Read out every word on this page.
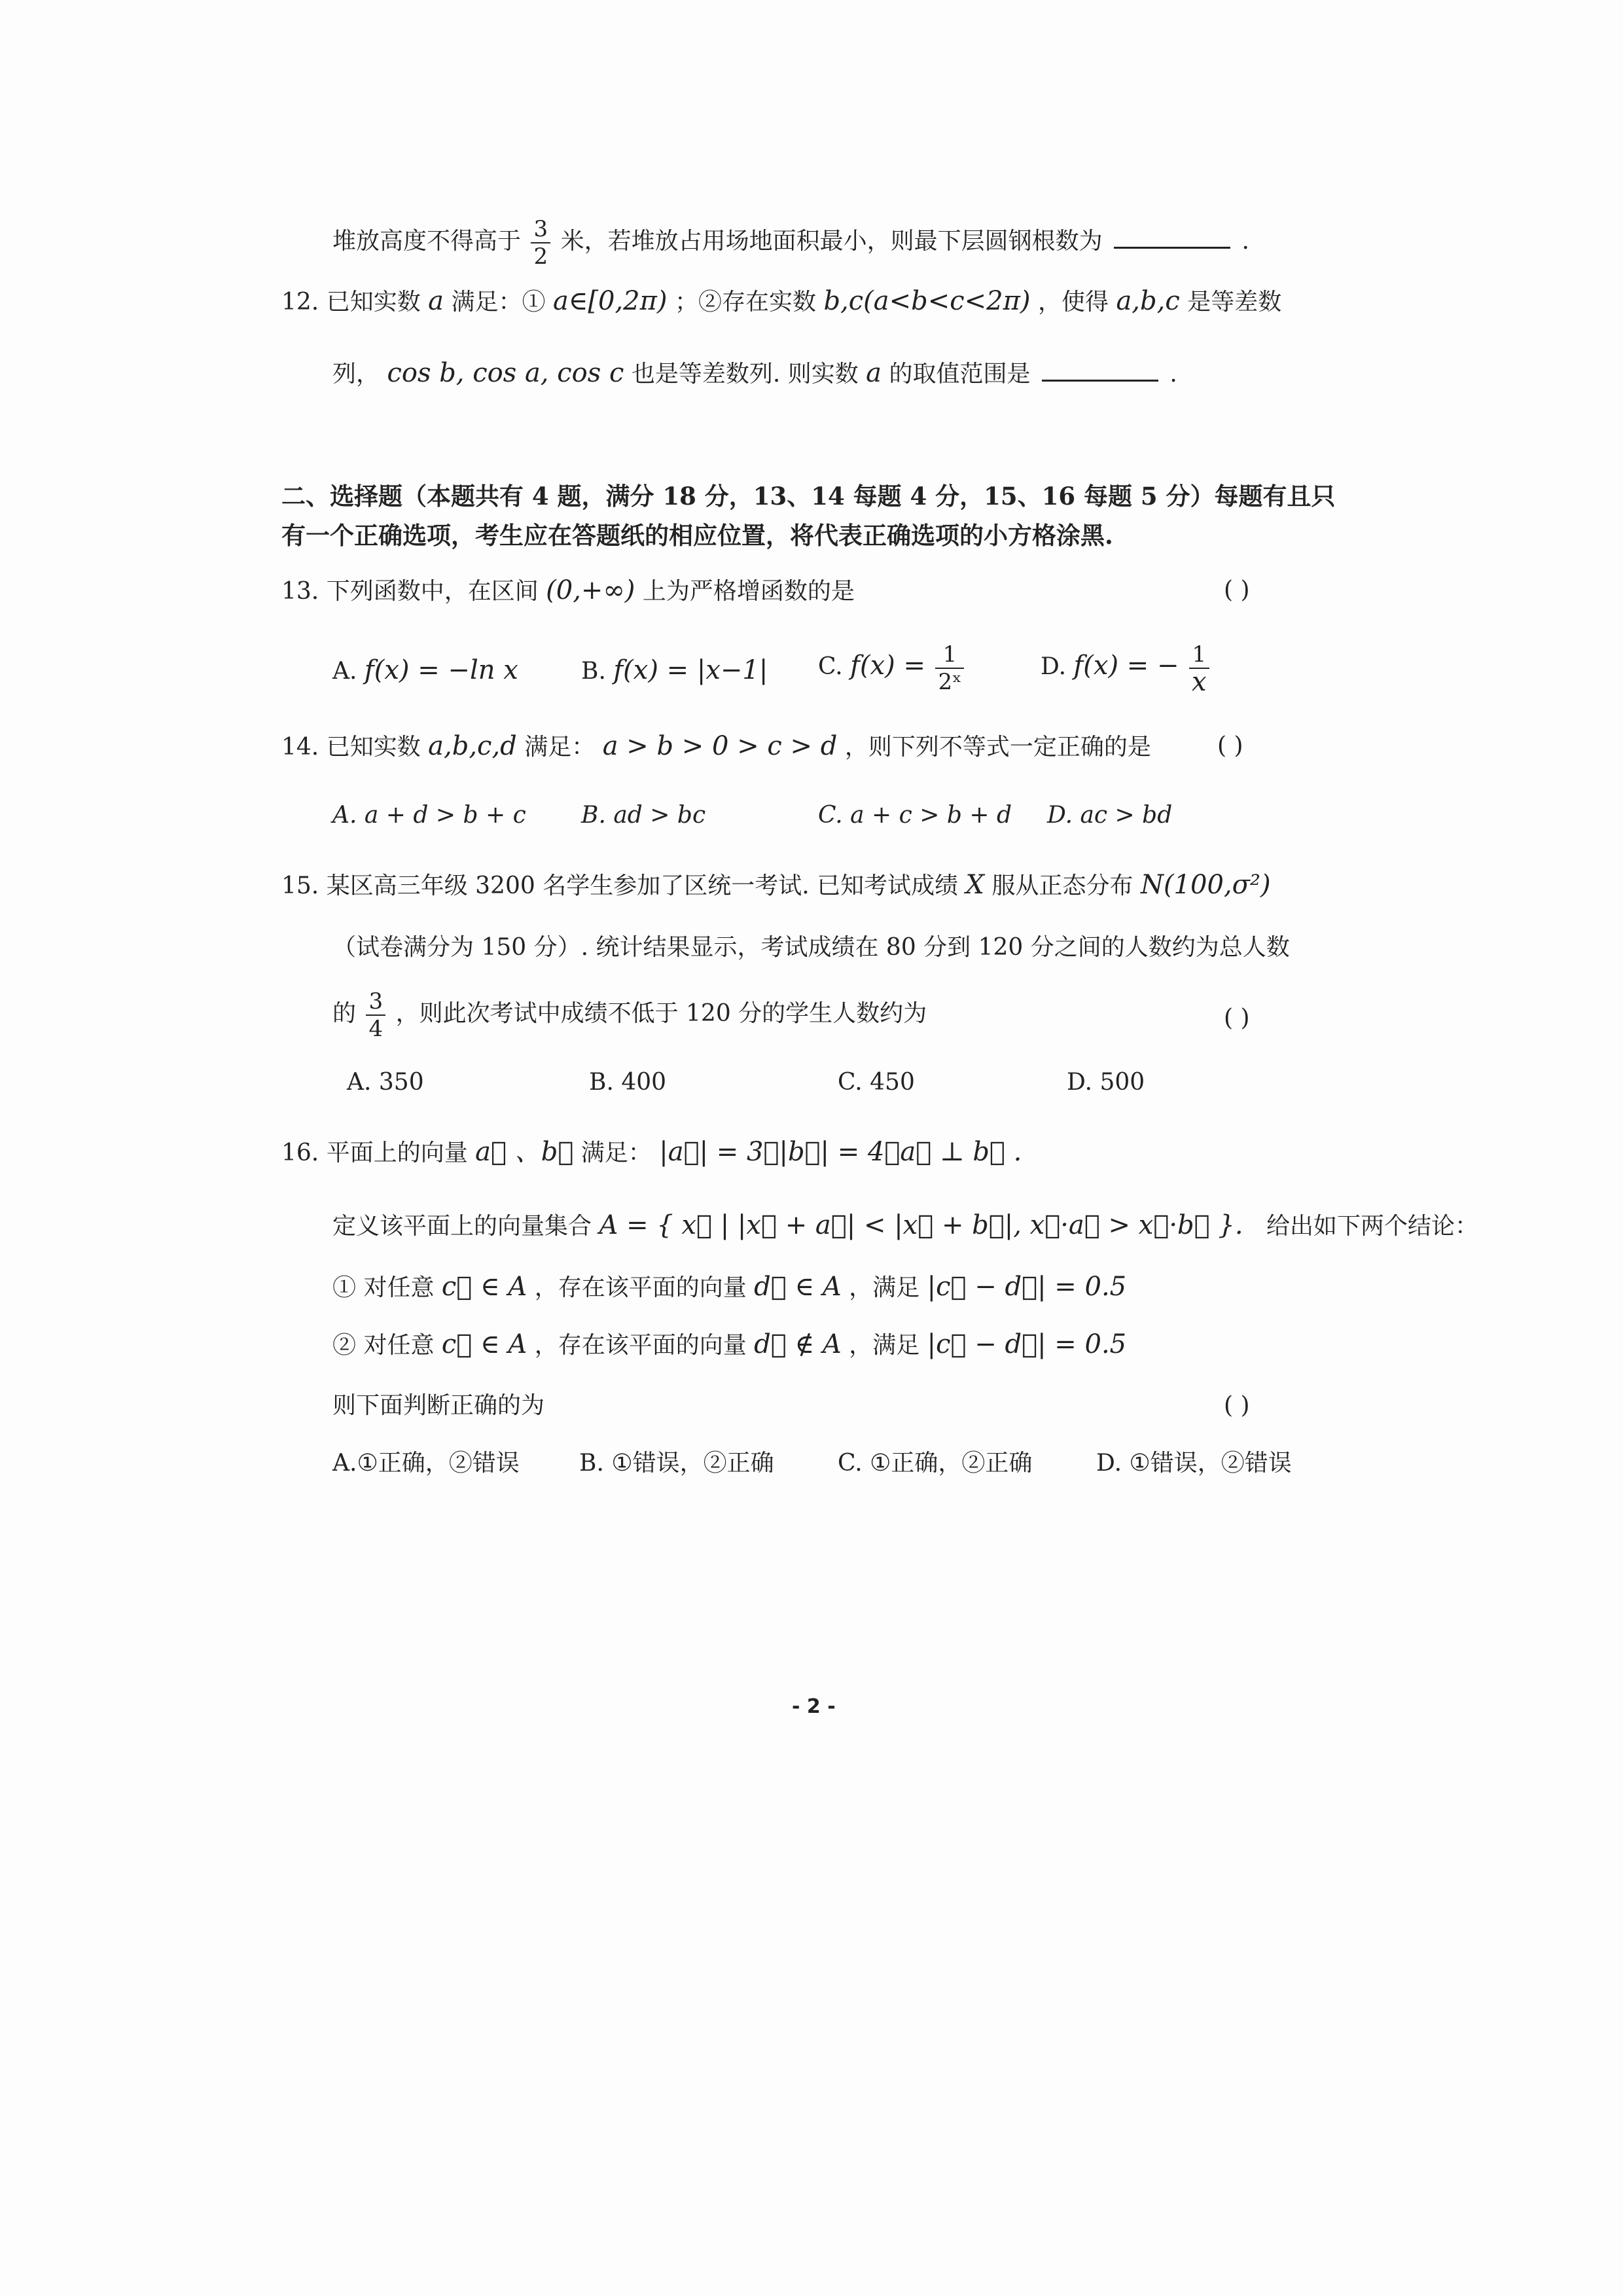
堆放高度不得高于 $\frac{3}{2}$ 米，若堆放占用场地面积最小，则最下层圆钢根数为	.
12. 已知实数 a 满足：① a∈[0,2π) ；②存在实数 b,c(a<b<c<2π) ，使得 a,b,c 是等差数
列， cos b, cos a, cos c 也是等差数列. 则实数 a 的取值范围是	.
二、选择题（本题共有 4 题，满分 18 分，13、14 每题 4 分，15、16 每题 5 分）每题有且只
有一个正确选项，考生应在答题纸的相应位置，将代表正确选项的小方格涂黑.
13. 下列函数中，在区间 (0,+∞) 上为严格增函数的是	( )
A. f(x) = −ln x	B. f(x) = |x−1| C. $f(x) = \frac{1}{\text{2ˣ}}$	D. f(x) = − $\frac{1}{x}$
14. 已知实数 a,b,c,d 满足： a > b > 0 > c > d ，则下列不等式一定正确的是	( )
A. a + d > b + c B. ad > bc	C. a + c > b + d D. ac > bd
15. 某区高三年级 3200 名学生参加了区统一考试. 已知考试成绩 X 服从正态分布 N(100,σ²)
（试卷满分为 150 分）. 统计结果显示，考试成绩在 80 分到 120 分之间的人数约为总人数
的 $\frac{3}{4}$ ，则此次考试中成绩不低于 120 分的学生人数约为	( )
A. 350	B. 400	C. 450	D. 500
16. 平面上的向量 a⃗ 、b⃗ 满足： |a⃗| = 3，|b⃗| = 4，a⃗ ⊥ b⃗ .
定义该平面上的向量集合 A = { x⃗ | |x⃗ + a⃗| < |x⃗ + b⃗|, x⃗·a⃗ > x⃗·b⃗ }. 给出如下两个结论：
① 对任意 c⃗ ∈ A ，存在该平面的向量 d⃗ ∈ A ，满足 |c⃗ − d⃗| = 0.5
② 对任意 c⃗ ∈ A ，存在该平面的向量 d⃗ ∉ A ，满足 |c⃗ − d⃗| = 0.5
则下面判断正确的为	( )
A.①正确，②错误	B. ①错误，②正确	C. ①正确，②正确	D. ①错误，②错误
- 2 -
